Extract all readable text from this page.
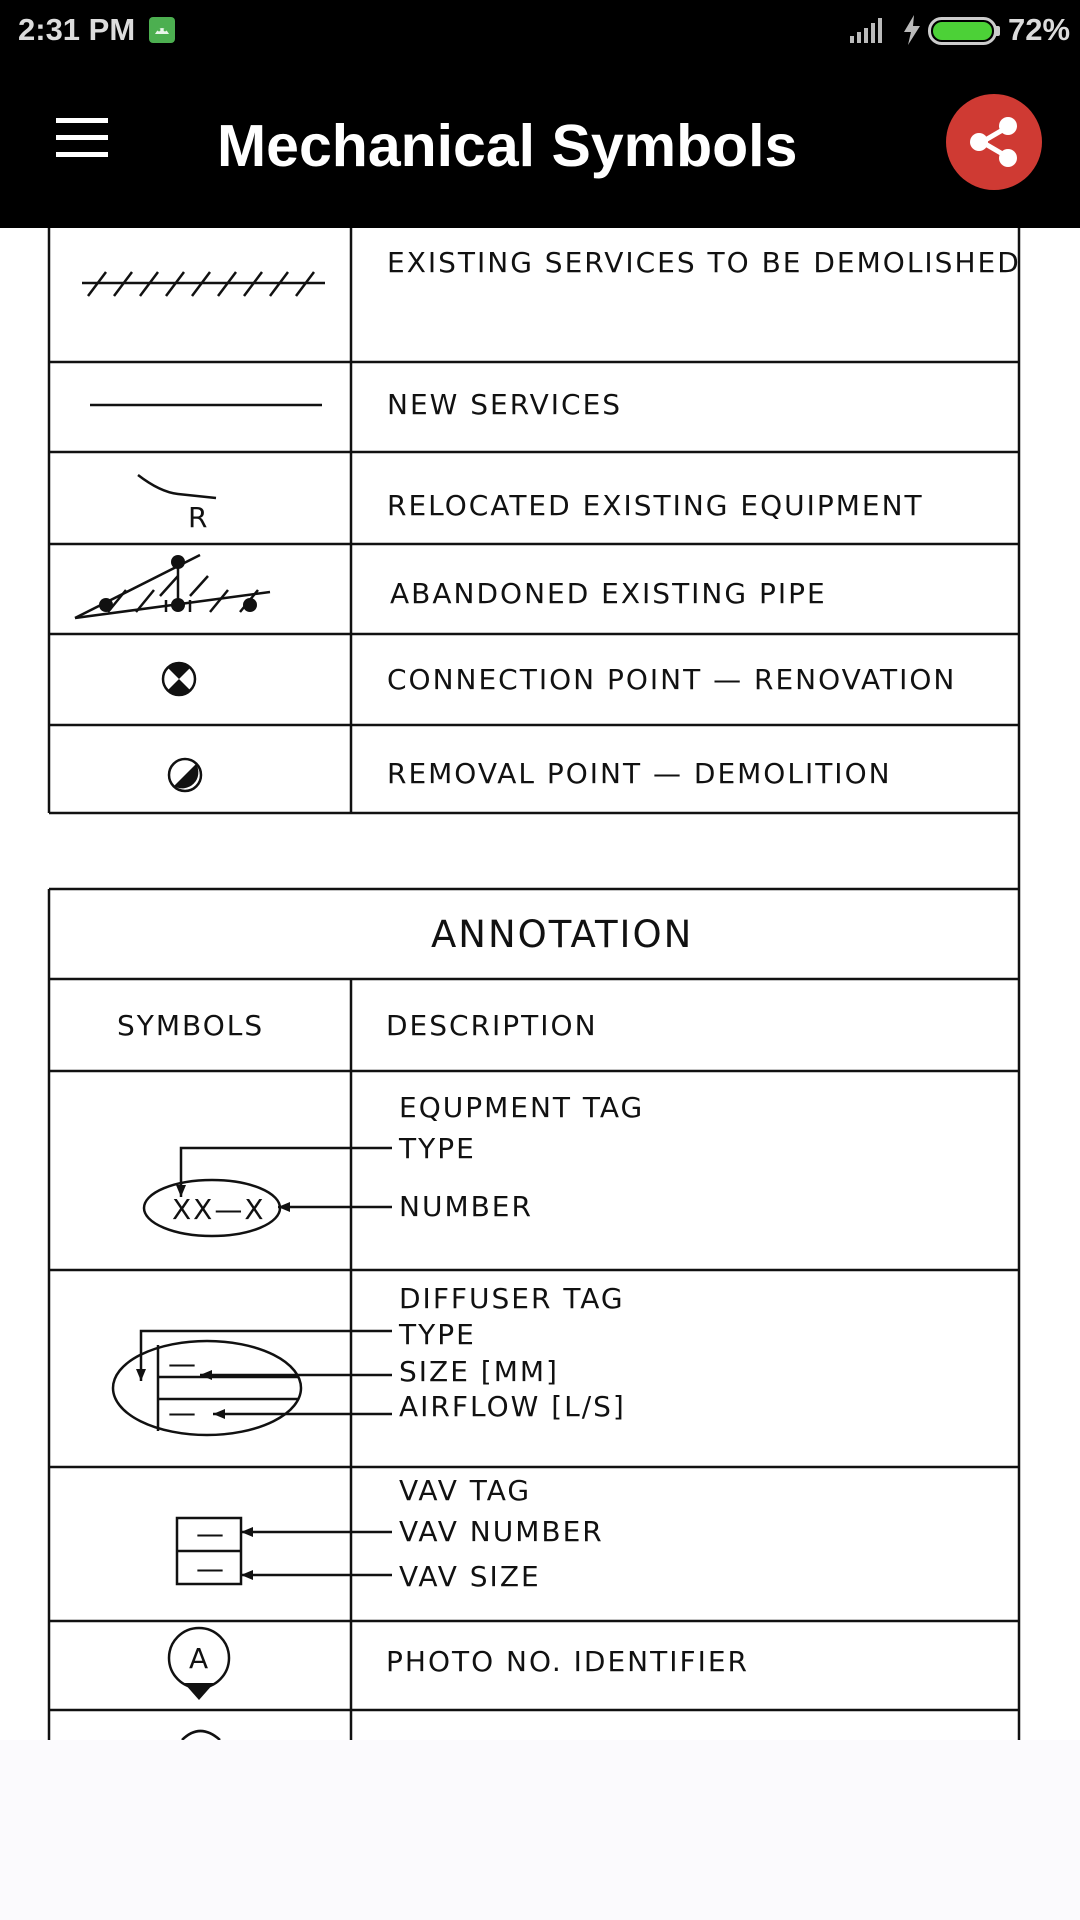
2:31 PM	72%
Mechanical Symbols
EXISTING SERVICES TO BE DEMOLISHED
NEW SERVICES
RELOCATED EXISTING EQUIPMENT
ABANDONED EXISTING PIPE
CONNECTION POINT — RENOVATION
REMOVAL POINT — DEMOLITION
R
ANNOTATION
SYMBOLS	DESCRIPTION
EQUPMENT TAG
TYPE
NUMBER
XX—X
DIFFUSER TAG
TYPE
SIZE [MM]
AIRFLOW [L/S]
—
—
VAV TAG
VAV NUMBER
VAV SIZE
—
—
PHOTO NO. IDENTIFIER
A
